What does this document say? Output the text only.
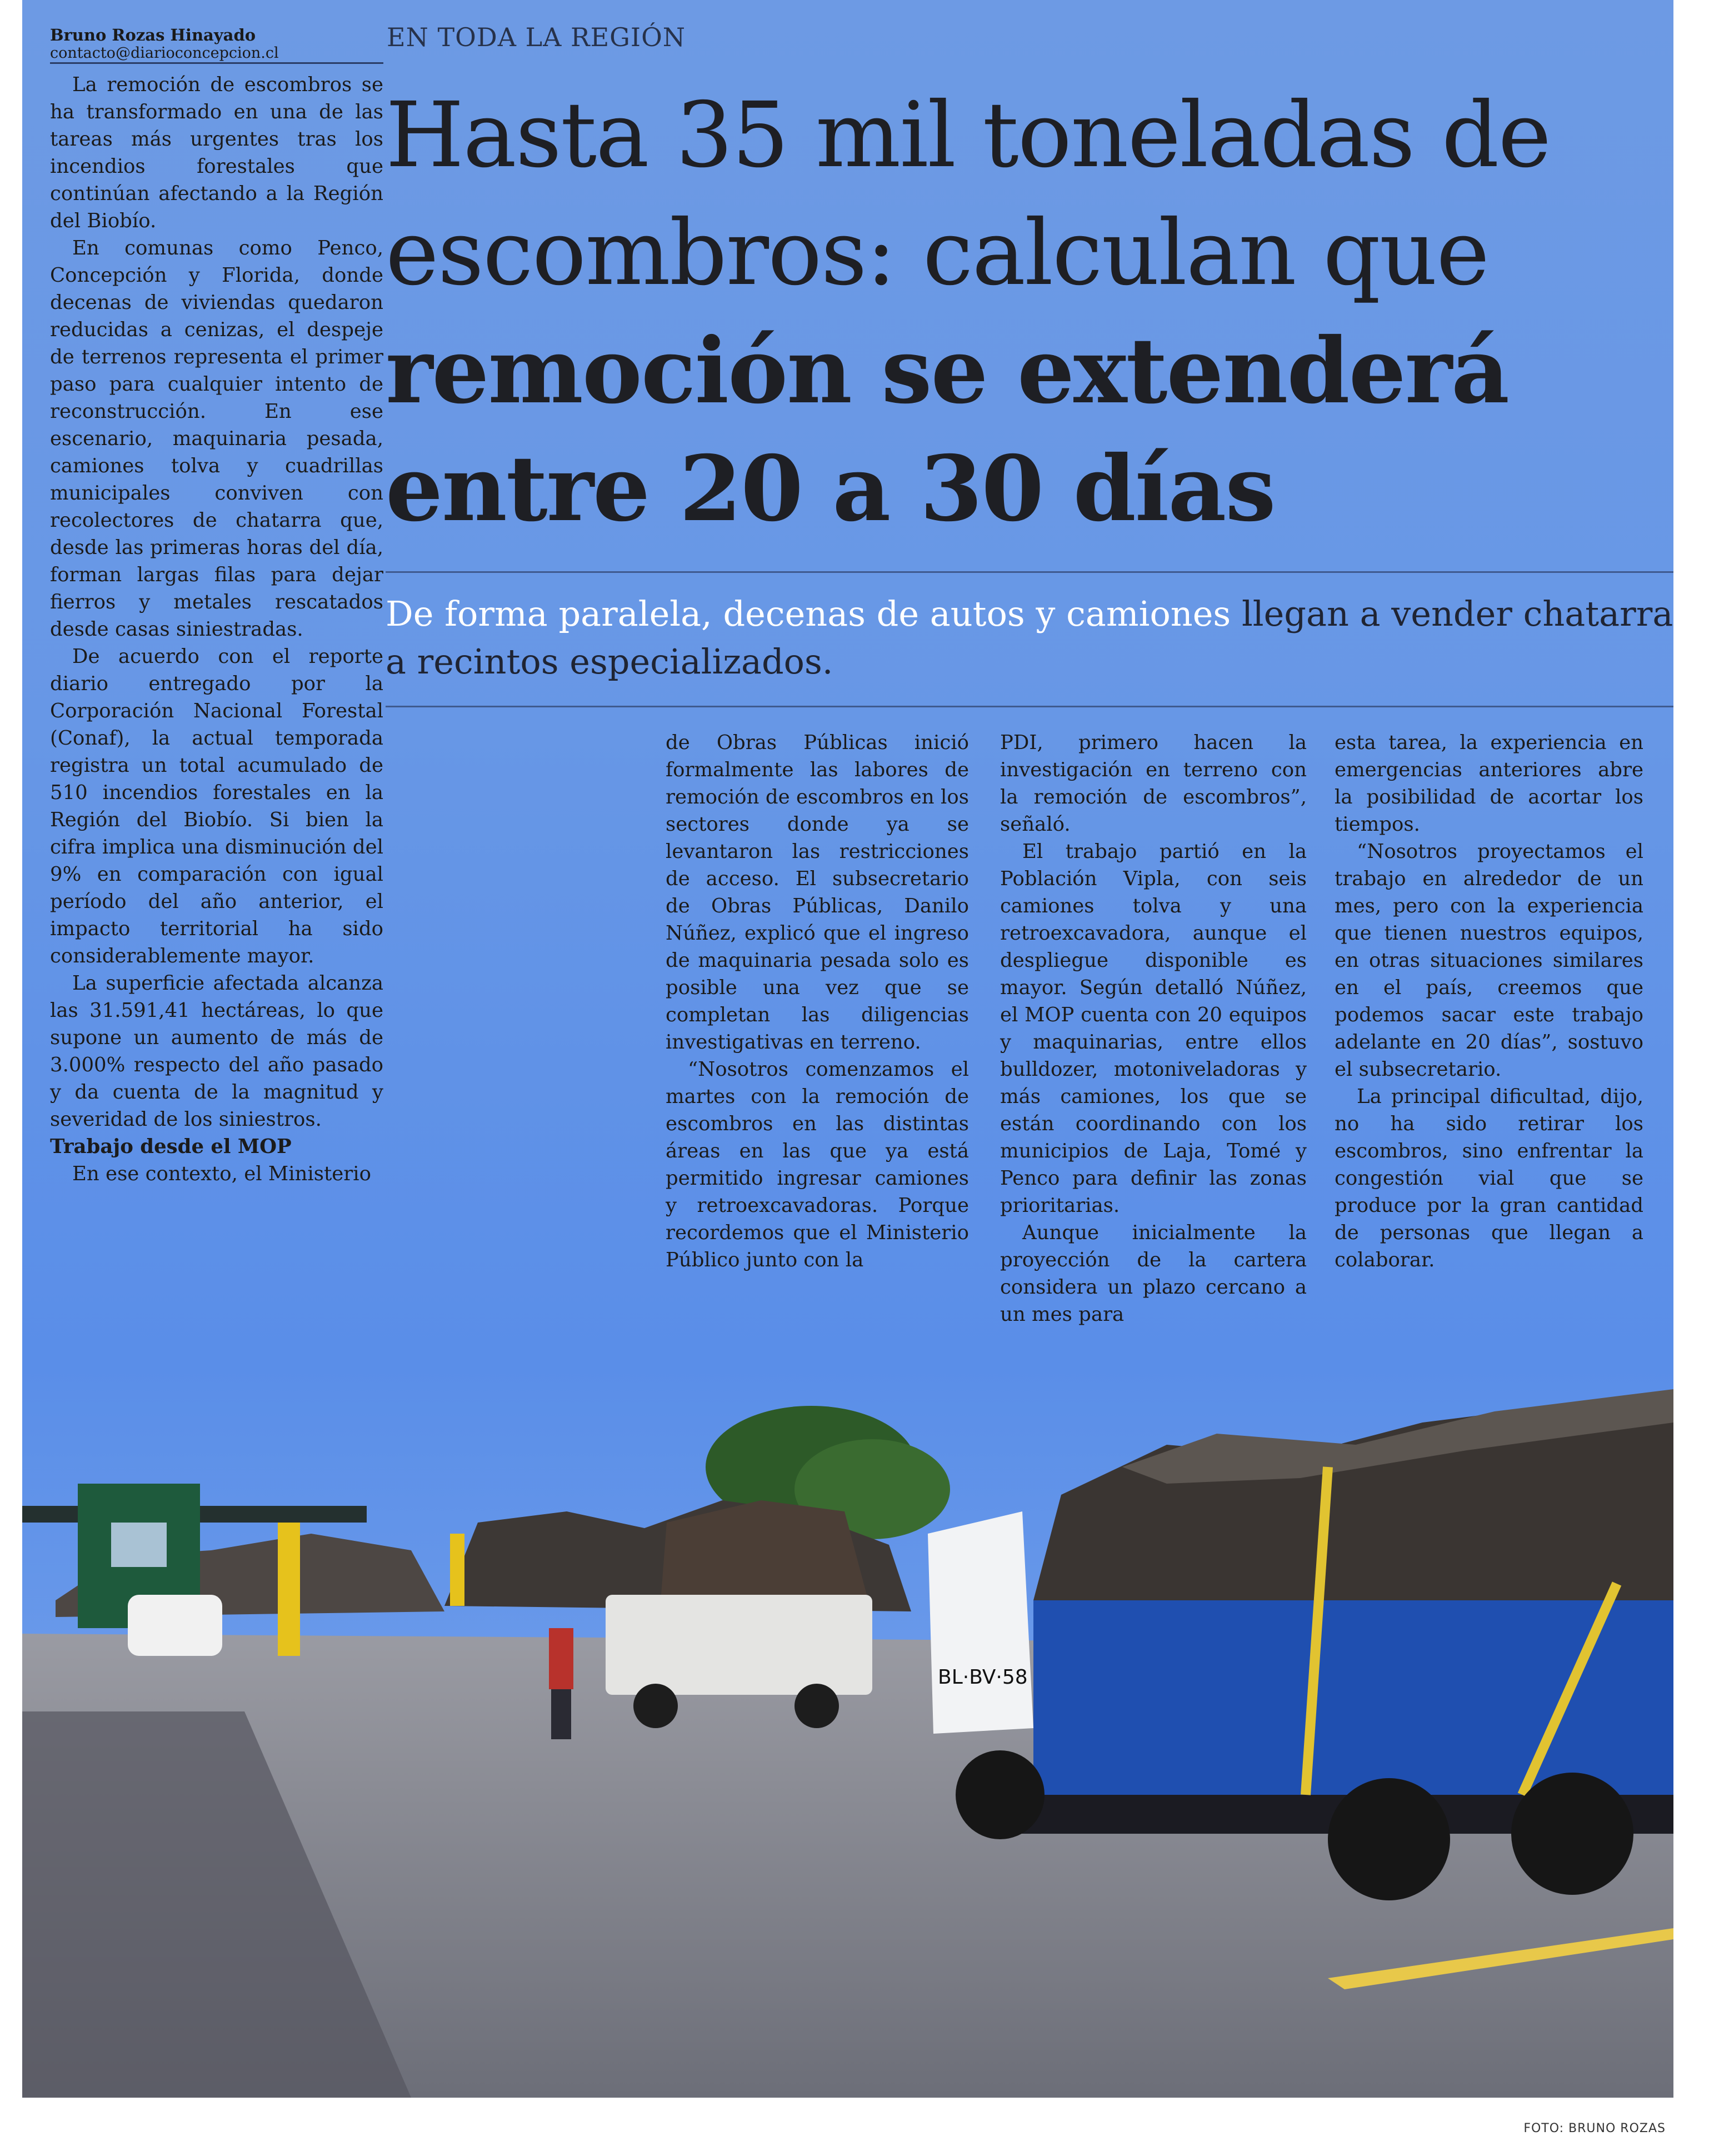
BL·BV·58
Bruno Rozas Hinayado
contacto@diarioconcepcion.cl
EN TODA LA REGIÓN
Hasta 35 mil toneladas de
escombros: calculan que
remoción se extenderá
entre 20 a 30 días

De forma paralela, decenas de autos y camiones llegan a vender chatarra a recintos especializados.

La remoción de escombros se ha transformado en una de las tareas más urgentes tras los incendios forestales que continúan afectando a la Región del Biobío.

En comunas como Penco, Concepción y Florida, donde decenas de viviendas quedaron reducidas a cenizas, el despeje de terrenos representa el primer paso para cualquier intento de reconstrucción. En ese escenario, maquinaria pesada, camiones tolva y cuadrillas municipales conviven con recolectores de chatarra que, desde las primeras horas del día, forman largas filas para dejar fierros y metales rescatados desde casas siniestradas.

De acuerdo con el reporte diario entregado por la Corporación Nacional Forestal (Conaf), la actual temporada registra un total acumulado de 510 incendios forestales en la Región del Biobío. Si bien la cifra implica una disminución del 9% en comparación con igual período del año anterior, el impacto territorial ha sido considerablemente mayor.

La superficie afectada alcanza las 31.591,41 hectáreas, lo que supone un aumento de más de 3.000% respecto del año pasado y da cuenta de la magnitud y severidad de los siniestros.

Trabajo desde el MOP

En ese contexto, el Ministerio

de Obras Públicas inició formalmente las labores de remoción de escombros en los sectores donde ya se levantaron las restricciones de acceso. El subsecretario de Obras Públicas, Danilo Núñez, explicó que el ingreso de maquinaria pesada solo es posible una vez que se completan las diligencias investigativas en terreno.

“Nosotros comenzamos el martes con la remoción de escombros en las distintas áreas en las que ya está permitido ingresar camiones y retroexcavadoras. Porque recordemos que el Ministerio Público junto con la

PDI, primero hacen la investigación en terreno con la remoción de escombros”, señaló.

El trabajo partió en la Población Vipla, con seis camiones tolva y una retroexcavadora, aunque el despliegue disponible es mayor. Según detalló Núñez, el MOP cuenta con 20 equipos y maquinarias, entre ellos bulldozer, motoniveladoras y más camiones, los que se están coordinando con los municipios de Laja, Tomé y Penco para definir las zonas prioritarias.

Aunque inicialmente la proyección de la cartera considera un plazo cercano a un mes para

esta tarea, la experiencia en emergencias anteriores abre la posibilidad de acortar los tiempos.

“Nosotros proyectamos el trabajo en alrededor de un mes, pero con la experiencia que tienen nuestros equipos, en otras situaciones similares en el país, creemos que podemos sacar este trabajo adelante en 20 días”, sostuvo el subsecretario.

La principal dificultad, dijo, no ha sido retirar los escombros, sino enfrentar la congestión vial que se produce por la gran cantidad de personas que llegan a colaborar.

FOTO: BRUNO ROZAS
